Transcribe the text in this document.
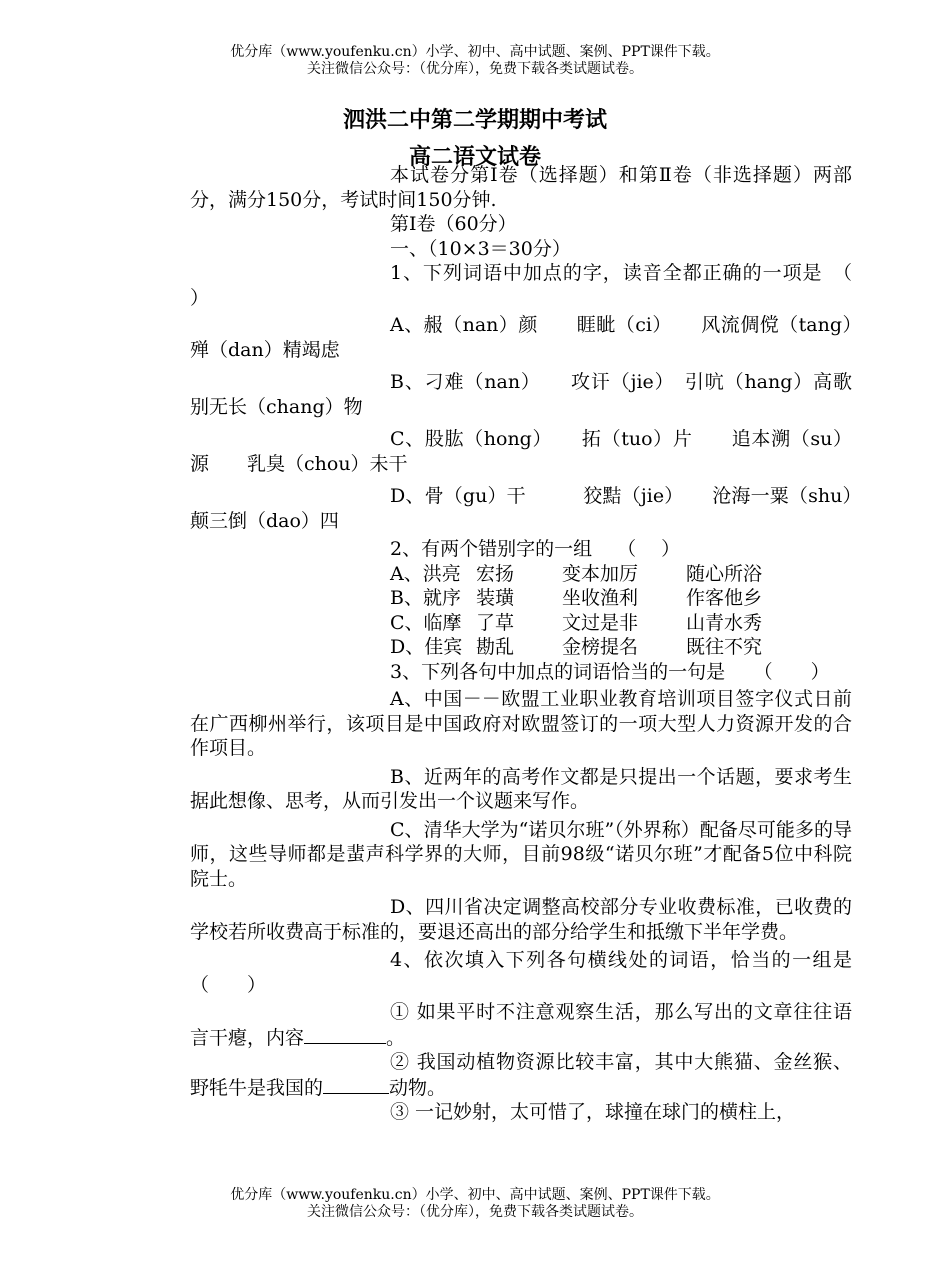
优分库（www.youfenku.cn）小学、初中、高中试题、案例、PPT课件下载。
关注微信公众号：（优分库），免费下载各类试题试卷。
泗洪二中第二学期期中考试
高二语文试卷

本试卷分第Ⅰ卷（选择题）和第Ⅱ卷（非选择题）两部分，满分150分，考试时间150分钟.

第Ⅰ卷（60分）

一、（10×3＝30分）

1、下列词语中加点的字，读音全都正确的一项是　（　 ）

A、赧（nan）颜　　睚眦（ci）　　风流倜傥（tang）　殚（dan）精竭虑

B、刁难（nan）　　攻讦（jie）　引吭（hang）高歌　别无长（chang）物

C、股肱（hong）　　拓（tuo）片　　追本溯（su）源　　乳臭（chou）未干

D、骨（gu）干　　　狡黠（jie）　　沧海一粟（shu）　　颠三倒（dao）四

2、有两个错别字的一组　 （　 ）

A、洪亮 宏扬	变本加厉	随心所浴

B、就序 装璜	坐收渔利	作客他乡

C、临摩 了草	文过是非	山青水秀

D、佳宾 勘乱	金榜提名	既往不究

3、下列各句中加点的词语恰当的一句是　　（　　）

A、中国－－欧盟工业职业教育培训项目签字仪式日前在广西柳州举行，该项目是中国政府对欧盟签订的一项大型人力资源开发的合作项目。

B、近两年的高考作文都是只提出一个话题，要求考生据此想像、思考，从而引发出一个议题来写作。

C、清华大学为“诺贝尔班”（外界称）配备尽可能多的导师，这些导师都是蜚声科学界的大师，目前98级“诺贝尔班”才配备5位中科院院士。

D、四川省决定调整高校部分专业收费标准，已收费的学校若所收费高于标准的，要退还高出的部分给学生和抵缴下半年学费。

4、依次填入下列各句横线处的词语，恰当的一组是　（　　）

① 如果平时不注意观察生活，那么写出的文章往往语言干瘪，内容	。

② 我国动植物资源比较丰富，其中大熊猫、金丝猴、野牦牛是我国的	动物。

③ 一记妙射，太可惜了，球撞在球门的横柱上，

优分库（www.youfenku.cn）小学、初中、高中试题、案例、PPT课件下载。
关注微信公众号：（优分库），免费下载各类试题试卷。
